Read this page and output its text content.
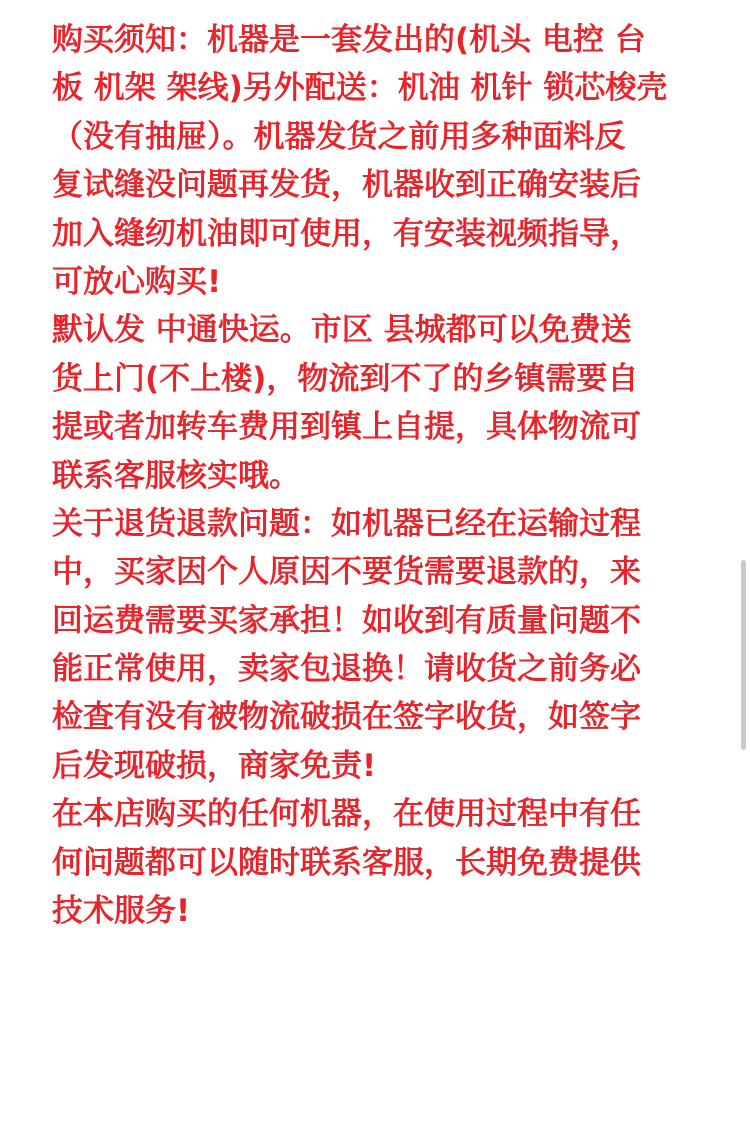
购买须知：机器是一套发出的(机头 电控 台
板 机架 架线)另外配送：机油 机针 锁芯梭壳
（没有抽屉）。机器发货之前用多种面料反
复试缝没问题再发货，机器收到正确安装后
加入缝纫机油即可使用，有安装视频指导，
可放心购买!
默认发 中通快运。市区 县城都可以免费送
货上门(不上楼)，物流到不了的乡镇需要自
提或者加转车费用到镇上自提，具体物流可
联系客服核实哦。
关于退货退款问题：如机器已经在运输过程
中，买家因个人原因不要货需要退款的，来
回运费需要买家承担！如收到有质量问题不
能正常使用，卖家包退换！请收货之前务必
检查有没有被物流破损在签字收货，如签字
后发现破损，商家免责!
在本店购买的任何机器，在使用过程中有任
何问题都可以随时联系客服，长期免费提供
技术服务!
